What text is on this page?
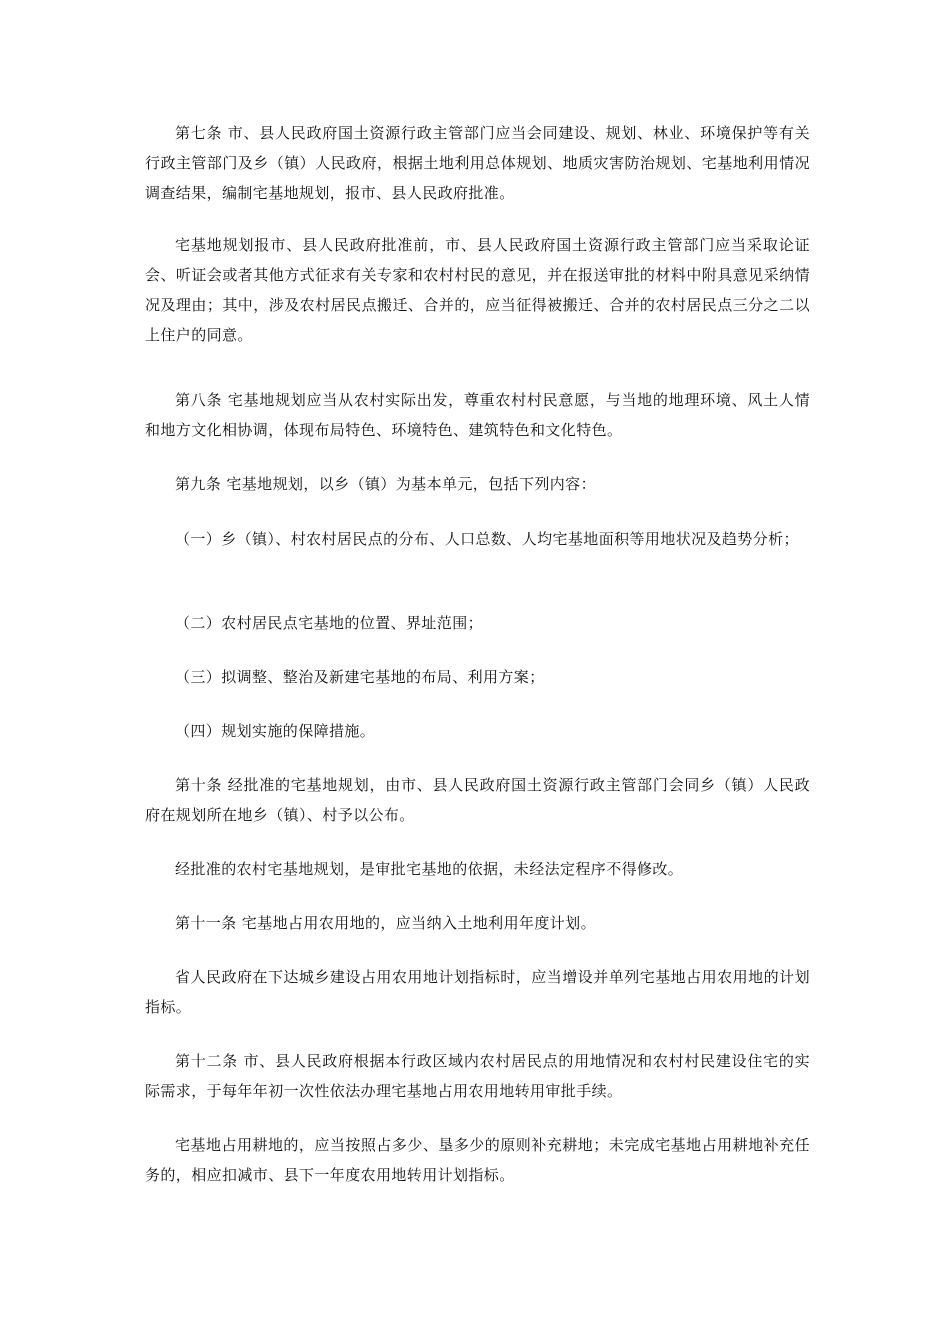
第七条 市、县人民政府国土资源行政主管部门应当会同建设、规划、林业、环境保护等有关行政主管部门及乡（镇）人民政府，根据土地利用总体规划、地质灾害防治规划、宅基地利用情况调查结果，编制宅基地规划，报市、县人民政府批准。

宅基地规划报市、县人民政府批准前，市、县人民政府国土资源行政主管部门应当采取论证会、听证会或者其他方式征求有关专家和农村村民的意见，并在报送审批的材料中附具意见采纳情况及理由；其中，涉及农村居民点搬迁、合并的，应当征得被搬迁、合并的农村居民点三分之二以上住户的同意。

第八条 宅基地规划应当从农村实际出发，尊重农村村民意愿，与当地的地理环境、风土人情和地方文化相协调，体现布局特色、环境特色、建筑特色和文化特色。

第九条 宅基地规划，以乡（镇）为基本单元，包括下列内容：

（一）乡（镇）、村农村居民点的分布、人口总数、人均宅基地面积等用地状况及趋势分析；

（二）农村居民点宅基地的位置、界址范围；

（三）拟调整、整治及新建宅基地的布局、利用方案；

（四）规划实施的保障措施。

第十条 经批准的宅基地规划，由市、县人民政府国土资源行政主管部门会同乡（镇）人民政府在规划所在地乡（镇）、村予以公布。

经批准的农村宅基地规划，是审批宅基地的依据，未经法定程序不得修改。

第十一条 宅基地占用农用地的，应当纳入土地利用年度计划。

省人民政府在下达城乡建设占用农用地计划指标时，应当增设并单列宅基地占用农用地的计划指标。

第十二条 市、县人民政府根据本行政区域内农村居民点的用地情况和农村村民建设住宅的实际需求，于每年年初一次性依法办理宅基地占用农用地转用审批手续。

宅基地占用耕地的，应当按照占多少、垦多少的原则补充耕地；未完成宅基地占用耕地补充任务的，相应扣减市、县下一年度农用地转用计划指标。
